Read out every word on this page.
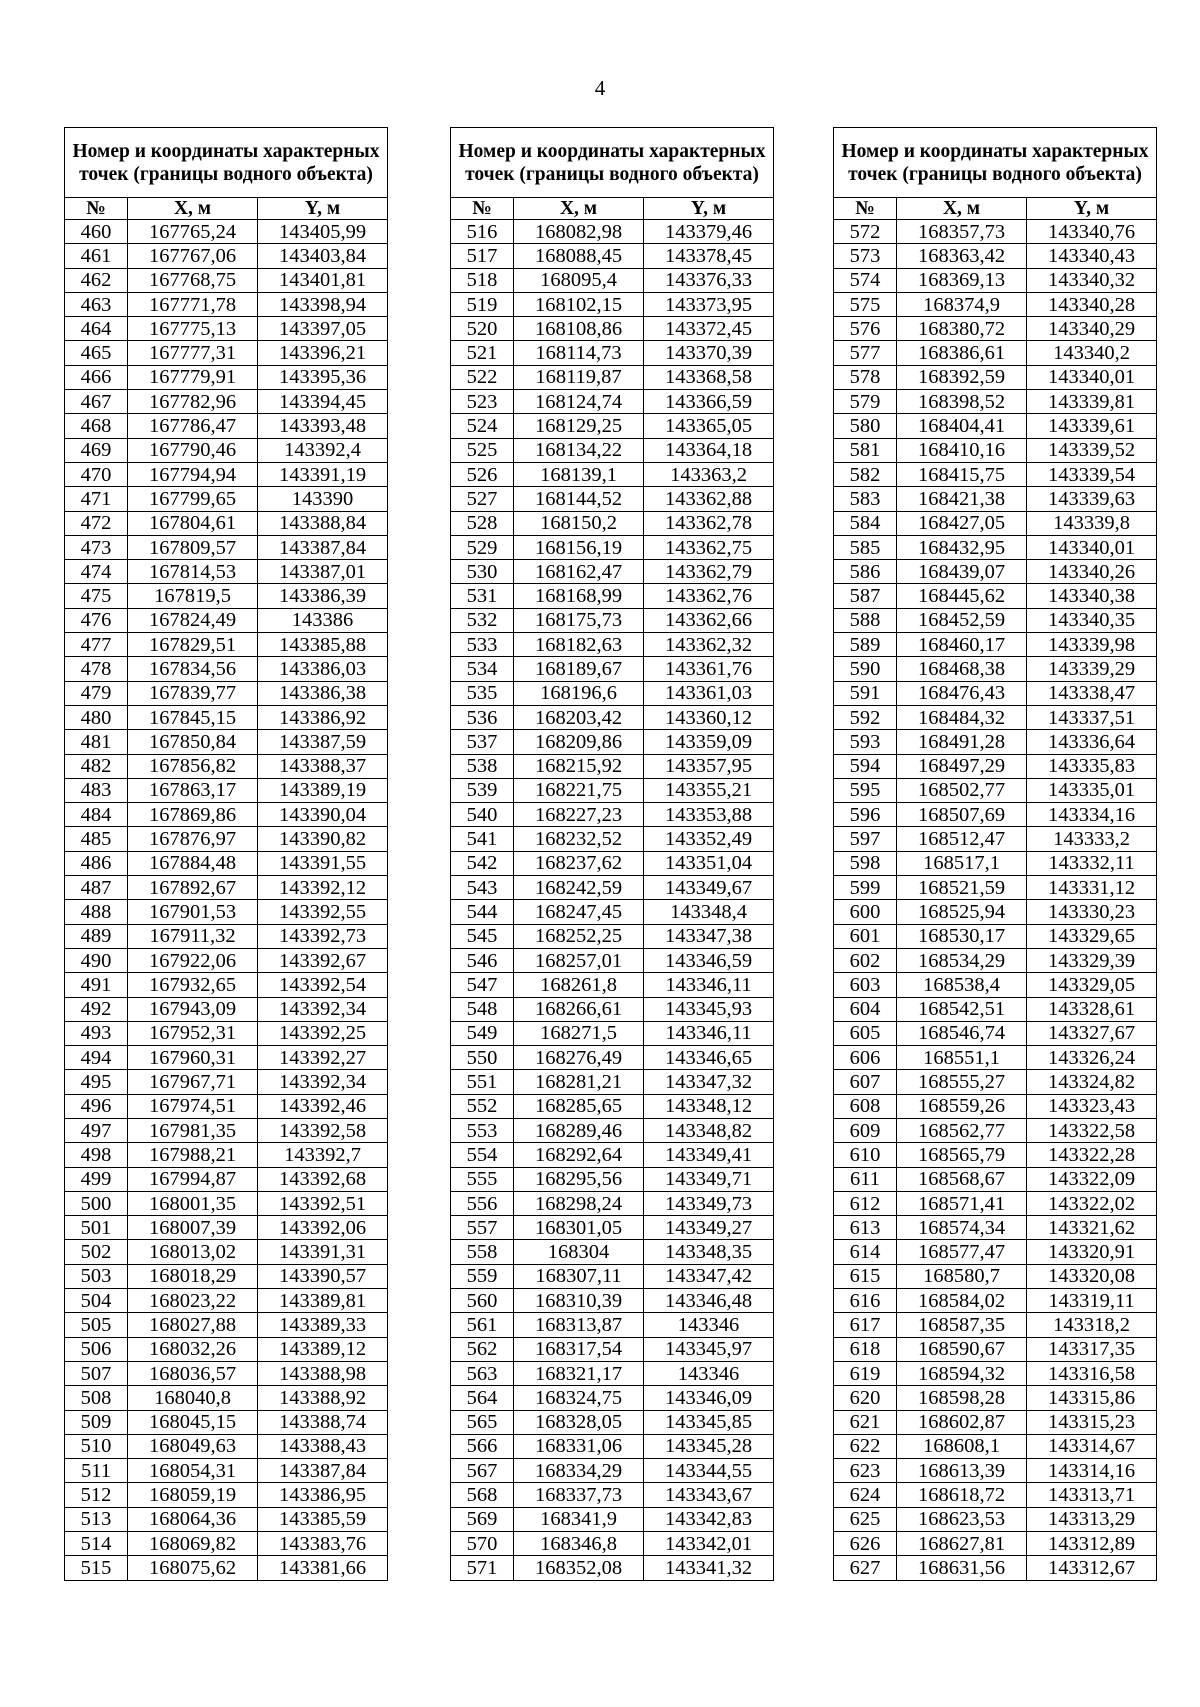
4
Номер и координаты характерных точек (границы водного объекта)		
№	X, м	Y, м
460	167765,24	143405,99
461	167767,06	143403,84
462	167768,75	143401,81
463	167771,78	143398,94
464	167775,13	143397,05
465	167777,31	143396,21
466	167779,91	143395,36
467	167782,96	143394,45
468	167786,47	143393,48
469	167790,46	143392,4
470	167794,94	143391,19
471	167799,65	143390
472	167804,61	143388,84
473	167809,57	143387,84
474	167814,53	143387,01
475	167819,5	143386,39
476	167824,49	143386
477	167829,51	143385,88
478	167834,56	143386,03
479	167839,77	143386,38
480	167845,15	143386,92
481	167850,84	143387,59
482	167856,82	143388,37
483	167863,17	143389,19
484	167869,86	143390,04
485	167876,97	143390,82
486	167884,48	143391,55
487	167892,67	143392,12
488	167901,53	143392,55
489	167911,32	143392,73
490	167922,06	143392,67
491	167932,65	143392,54
492	167943,09	143392,34
493	167952,31	143392,25
494	167960,31	143392,27
495	167967,71	143392,34
496	167974,51	143392,46
497	167981,35	143392,58
498	167988,21	143392,7
499	167994,87	143392,68
500	168001,35	143392,51
501	168007,39	143392,06
502	168013,02	143391,31
503	168018,29	143390,57
504	168023,22	143389,81
505	168027,88	143389,33
506	168032,26	143389,12
507	168036,57	143388,98
508	168040,8	143388,92
509	168045,15	143388,74
510	168049,63	143388,43
511	168054,31	143387,84
512	168059,19	143386,95
513	168064,36	143385,59
514	168069,82	143383,76
515	168075,62	143381,66
Номер и координаты характерных точек (границы водного объекта)		
№	X, м	Y, м
516	168082,98	143379,46
517	168088,45	143378,45
518	168095,4	143376,33
519	168102,15	143373,95
520	168108,86	143372,45
521	168114,73	143370,39
522	168119,87	143368,58
523	168124,74	143366,59
524	168129,25	143365,05
525	168134,22	143364,18
526	168139,1	143363,2
527	168144,52	143362,88
528	168150,2	143362,78
529	168156,19	143362,75
530	168162,47	143362,79
531	168168,99	143362,76
532	168175,73	143362,66
533	168182,63	143362,32
534	168189,67	143361,76
535	168196,6	143361,03
536	168203,42	143360,12
537	168209,86	143359,09
538	168215,92	143357,95
539	168221,75	143355,21
540	168227,23	143353,88
541	168232,52	143352,49
542	168237,62	143351,04
543	168242,59	143349,67
544	168247,45	143348,4
545	168252,25	143347,38
546	168257,01	143346,59
547	168261,8	143346,11
548	168266,61	143345,93
549	168271,5	143346,11
550	168276,49	143346,65
551	168281,21	143347,32
552	168285,65	143348,12
553	168289,46	143348,82
554	168292,64	143349,41
555	168295,56	143349,71
556	168298,24	143349,73
557	168301,05	143349,27
558	168304	143348,35
559	168307,11	143347,42
560	168310,39	143346,48
561	168313,87	143346
562	168317,54	143345,97
563	168321,17	143346
564	168324,75	143346,09
565	168328,05	143345,85
566	168331,06	143345,28
567	168334,29	143344,55
568	168337,73	143343,67
569	168341,9	143342,83
570	168346,8	143342,01
571	168352,08	143341,32
Номер и координаты характерных точек (границы водного объекта)		
№	X, м	Y, м
572	168357,73	143340,76
573	168363,42	143340,43
574	168369,13	143340,32
575	168374,9	143340,28
576	168380,72	143340,29
577	168386,61	143340,2
578	168392,59	143340,01
579	168398,52	143339,81
580	168404,41	143339,61
581	168410,16	143339,52
582	168415,75	143339,54
583	168421,38	143339,63
584	168427,05	143339,8
585	168432,95	143340,01
586	168439,07	143340,26
587	168445,62	143340,38
588	168452,59	143340,35
589	168460,17	143339,98
590	168468,38	143339,29
591	168476,43	143338,47
592	168484,32	143337,51
593	168491,28	143336,64
594	168497,29	143335,83
595	168502,77	143335,01
596	168507,69	143334,16
597	168512,47	143333,2
598	168517,1	143332,11
599	168521,59	143331,12
600	168525,94	143330,23
601	168530,17	143329,65
602	168534,29	143329,39
603	168538,4	143329,05
604	168542,51	143328,61
605	168546,74	143327,67
606	168551,1	143326,24
607	168555,27	143324,82
608	168559,26	143323,43
609	168562,77	143322,58
610	168565,79	143322,28
611	168568,67	143322,09
612	168571,41	143322,02
613	168574,34	143321,62
614	168577,47	143320,91
615	168580,7	143320,08
616	168584,02	143319,11
617	168587,35	143318,2
618	168590,67	143317,35
619	168594,32	143316,58
620	168598,28	143315,86
621	168602,87	143315,23
622	168608,1	143314,67
623	168613,39	143314,16
624	168618,72	143313,71
625	168623,53	143313,29
626	168627,81	143312,89
627	168631,56	143312,67
